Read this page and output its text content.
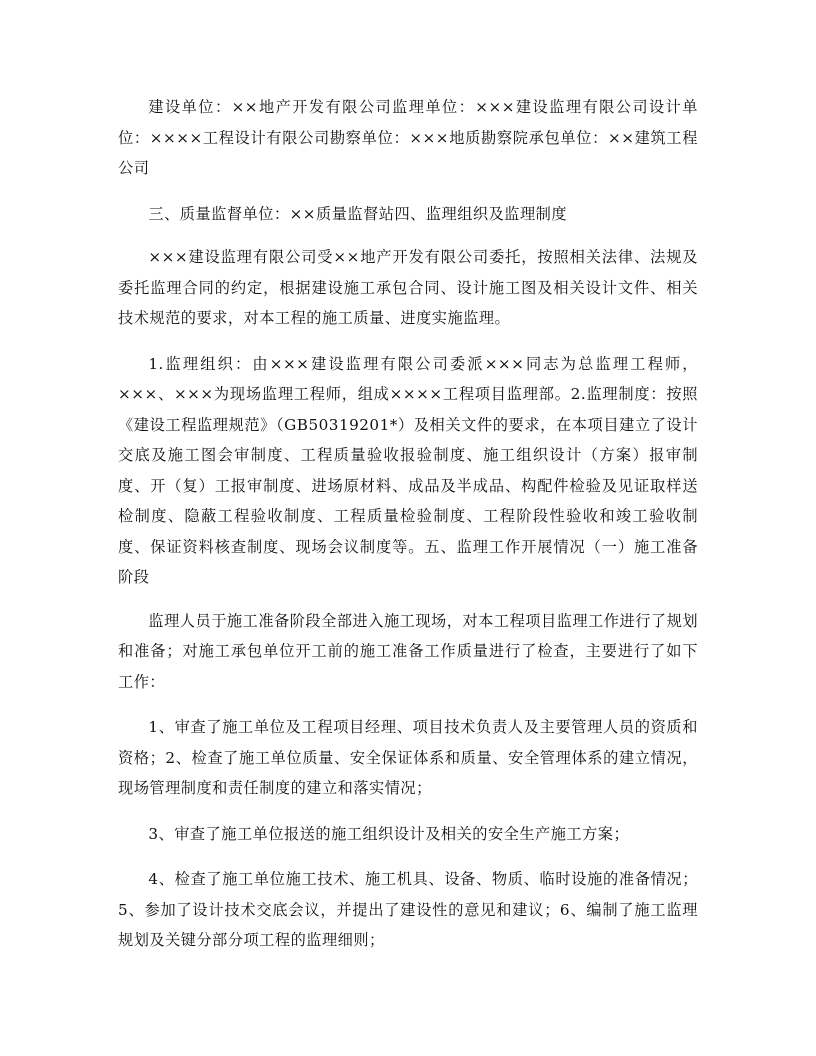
建设单位：××地产开发有限公司监理单位：×××建设监理有限公司设计单位：××××工程设计有限公司勘察单位：×××地质勘察院承包单位：××建筑工程公司

三、质量监督单位：××质量监督站四、监理组织及监理制度

×××建设监理有限公司受××地产开发有限公司委托，按照相关法律、法规及委托监理合同的约定，根据建设施工承包合同、设计施工图及相关设计文件、相关技术规范的要求，对本工程的施工质量、进度实施监理。

1.监理组织：由×××建设监理有限公司委派×××同志为总监理工程师，×××、×××为现场监理工程师，组成××××工程项目监理部。2.监理制度：按照《建设工程监理规范》（GB50319201*）及相关文件的要求，在本项目建立了设计交底及施工图会审制度、工程质量验收报验制度、施工组织设计（方案）报审制度、开（复）工报审制度、进场原材料、成品及半成品、构配件检验及见证取样送检制度、隐蔽工程验收制度、工程质量检验制度、工程阶段性验收和竣工验收制度、保证资料核查制度、现场会议制度等。五、监理工作开展情况（一）施工准备阶段

监理人员于施工准备阶段全部进入施工现场，对本工程项目监理工作进行了规划和准备；对施工承包单位开工前的施工准备工作质量进行了检查，主要进行了如下工作：

1、审查了施工单位及工程项目经理、项目技术负责人及主要管理人员的资质和资格；2、检查了施工单位质量、安全保证体系和质量、安全管理体系的建立情况，现场管理制度和责任制度的建立和落实情况；

3、审查了施工单位报送的施工组织设计及相关的安全生产施工方案；

4、检查了施工单位施工技术、施工机具、设备、物质、临时设施的准备情况；5、参加了设计技术交底会议，并提出了建设性的意见和建议；6、编制了施工监理规划及关键分部分项工程的监理细则；
